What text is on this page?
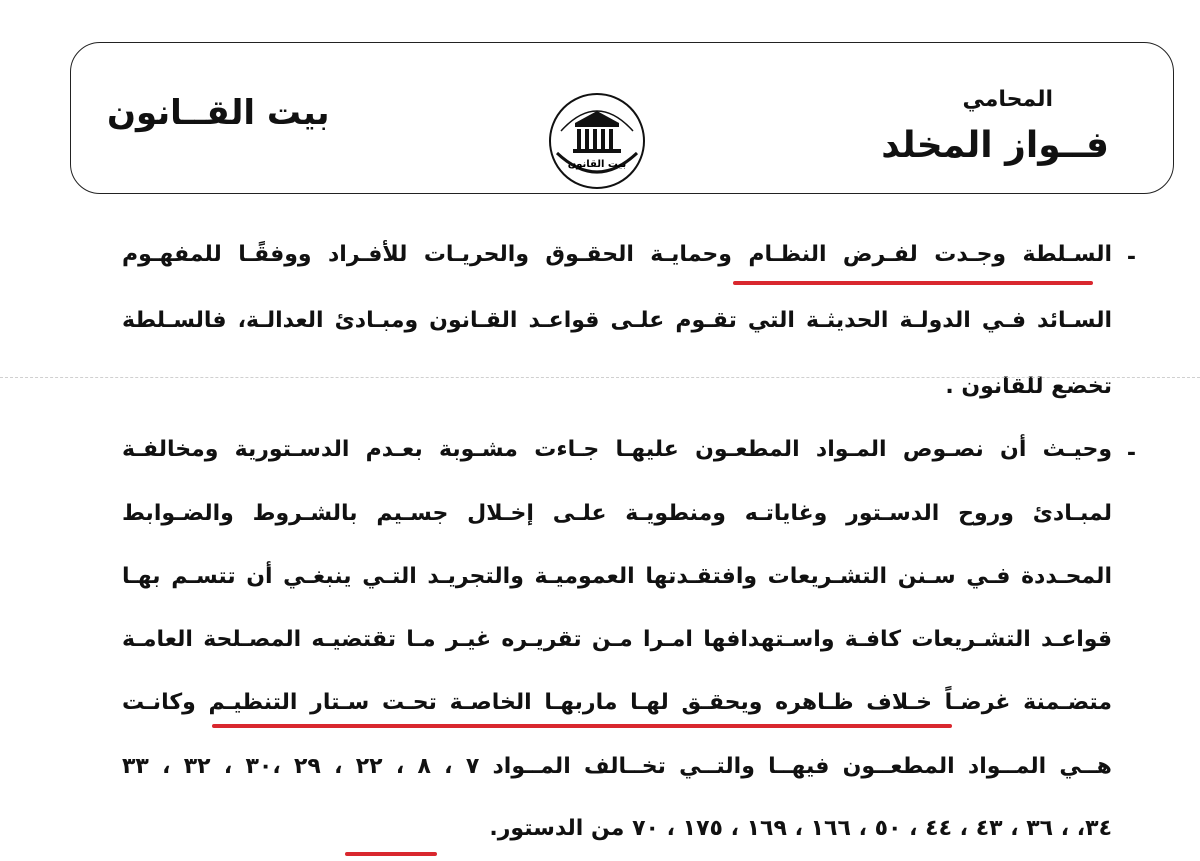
المحامي
فــواز المخلد
بيت القــانون
بيت القانون
-
السـلطة وجـدت لفـرض النظـام وحمايـة الحقـوق والحريـات للأفـراد ووفقًـا للمفهـوم
السـائد فـي الدولـة الحديثـة التي تقـوم علـى قواعـد القـانون ومبـادئ العدالـة، فالسـلطة
تخضع للقانون .
-
وحيـث أن نصـوص المـواد المطعـون عليهـا جـاءت مشـوبة بعـدم الدسـتورية ومخالفـة
لمبـادئ وروح الدسـتور وغاياتـه ومنطويـة علـى إخـلال جسـيم بالشـروط والضـوابط
المحـددة فـي سـنن التشـريعات وافتقـدتها العموميـة والتجريـد التـي ينبغـي أن تتسـم بهـا
قواعـد التشـريعات كافـة واسـتهدافها امـرا مـن تقريـره غيـر مـا تقتضيـه المصـلحة العامـة
متضـمنة غرضـاً خـلاف ظـاهره ويحقـق لهـا ماربهـا الخاصـة تحـت سـتار التنظيـم وكانـت
هــي المــواد المطعــون فيهــا والتــي تخــالف المــواد ٧ ، ٨ ، ٢٢ ، ٢٩ ،٣٠ ، ٣٢ ، ٣٣
٣٤، ، ٣٦ ، ٤٣ ، ٤٤ ، ٥٠ ، ١٦٦ ، ١٦٩ ، ١٧٥ ، ٧٠ من الدستور.
